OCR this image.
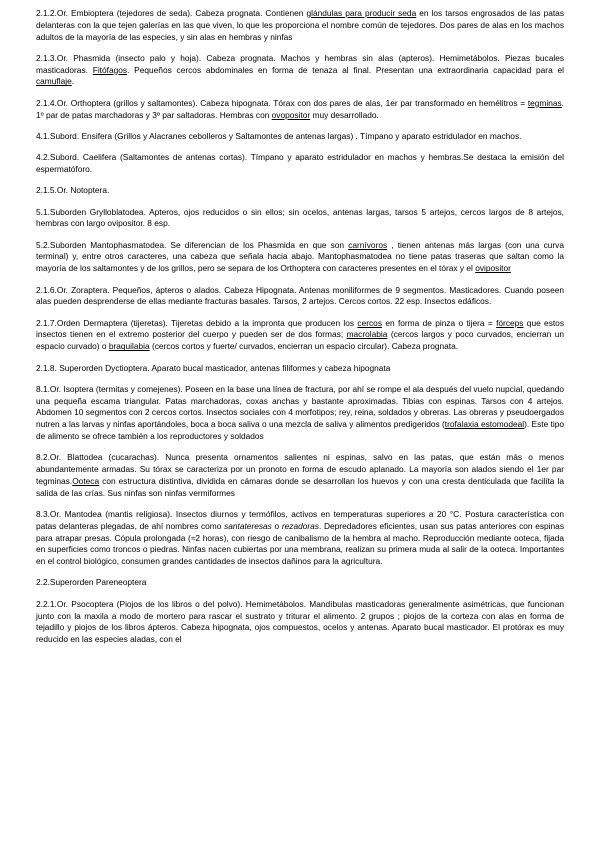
2.1.2.Or. Embioptera (tejedores de seda). Cabeza prognata. Contienen glándulas para producir seda en los tarsos engrosados de las patas delanteras con la que tejen galerías en las que viven, lo que les proporciona el nombre común de tejedores. Dos pares de alas en los machos adultos de la mayoría de las especies, y sin alas en hembras y ninfas

2.1.3.Or. Phasmida (insecto palo y hoja). Cabeza prognata. Machos y hembras sin alas (apteros). Hemimetábolos. Piezas bucales masticadoras. Fitófagos. Pequeños cercos abdominales en forma de tenaza al final. Presentan una extraordinaria capacidad para el camuflaje.

2.1.4.Or. Orthoptera (grillos y saltamontes). Cabeza hipognata. Tórax con dos pares de alas, 1er par transformado en hemélitros = tegminas. 1º par de patas marchadoras y 3º par saltadoras. Hembras con ovopositor muy desarrollado.

4.1.Subord. Ensifera (Grillos y Alacranes cebolleros y Saltamontes de antenas largas) . Tímpano y aparato estridulador en machos.

4.2.Subord. Caelifera (Saltamontes de antenas cortas). Tímpano y aparato estridulador en machos y hembras.Se destaca la emisión del espermatóforo.

2.1.5.Or. Notoptera.

5.1.Suborden Grylloblatodea. Apteros, ojos reducidos o sin ellos; sin ocelos, antenas largas, tarsos 5 artejos, cercos largos de 8 artejos, hembras con largo ovipositor. 8 esp.

5.2.Suborden Mantophasmatodea. Se diferencian de los Phasmida en que son carnívoros , tienen antenas más largas (con una curva terminal) y, entre otros caracteres, una cabeza que señala hacia abajo. Mantophasmatodea no tiene patas traseras que saltan como la mayoría de los saltamontes y de los grillos, pero se separa de los Orthoptera con caracteres presentes en el tórax y el ovipositor

2.1.6.Or. Zoraptera. Pequeños, ápteros o alados. Cabeza Hipognata. Antenas moniliformes de 9 segmentos. Masticadores. Cuando poseen alas pueden desprenderse de ellas mediante fracturas basales. Tarsos, 2 artejos. Cercos cortos. 22 esp. Insectos edáficos.

2.1.7.Orden Dermaptera (tijeretas). Tijeretas debido a la impronta que producen los cercos en forma de pinza o tijera = fórceps que estos insectos tienen en el extremo posterior del cuerpo y pueden ser de dos formas; macrolabia (cercos largos y poco curvados, encierran un espacio curvado) o braquilabia (cercos cortos y fuerte/ curvados, encierran un espacio circular). Cabeza prognata.

2.1.8. Superorden Dyctioptera. Aparato bucal masticador, antenas filiformes y cabeza hipognata

8.1.Or. Isoptera (termitas y comejenes). Poseen en la base una línea de fractura, por ahí se rompe el ala después del vuelo nupcial, quedando una pequeña escama triangular. Patas marchadoras, coxas anchas y bastante aproximadas. Tibias con espinas. Tarsos con 4 artejos. Abdomen 10 segmentos con 2 cercos cortos. Insectos sociales con 4 morfotipos; rey, reina, soldados y obreras. Las obreras y pseudoergados nutren a las larvas y ninfas aportándoles, boca a boca saliva o una mezcla de saliva y alimentos predigeridos (trofalaxia estomodeal). Este tipo de alimento se ofrece también a los reproductores y soldados

8.2.Or. Blattodea (cucarachas). Nunca presenta ornamentos salientes ni espinas, salvo en las patas, que están más o menos abundantemente armadas. Su tórax se caracteriza por un pronoto en forma de escudo aplanado. La mayoría son alados siendo el 1er par tegminas.Ooteca con estructura distintiva, dividida en cámaras donde se desarrollan los huevos y con una cresta denticulada que facilita la salida de las crías. Sus ninfas son ninfas vermiformes

8.3.Or. Mantodea (mantis religiosa). Insectos diurnos y termófilos, activos en temperaturas superiores a 20 °C. Postura característica con patas delanteras plegadas, de ahí nombres como santateresas o rezadoras. Depredadores eficientes, usan sus patas anteriores con espinas para atrapar presas. Cópula prolongada (≈2 horas), con riesgo de canibalismo de la hembra al macho. Reproducción mediante ooteca, fijada en superficies como troncos o piedras. Ninfas nacen cubiertas por una membrana, realizan su primera muda al salir de la ooteca. Importantes en el control biológico, consumen grandes cantidades de insectos dañinos para la agricultura.

2.2.Superorden Pareneoptera

2.2.1.Or. Psocoptera (Piojos de los libros o del polvo). Hemimetábolos. Mandíbulas masticadoras generalmente asimétricas, que funcionan junto con la maxila a modo de mortero para rascar el sustrato y triturar el alimento. 2 grupos ; piojos de la corteza con alas en forma de tejadillo y piojos de los libros ápteros. Cabeza hipognata, ojos compuestos, ocelos y antenas. Aparato bucal masticador. El protórax es muy reducido en las especies aladas, con el
